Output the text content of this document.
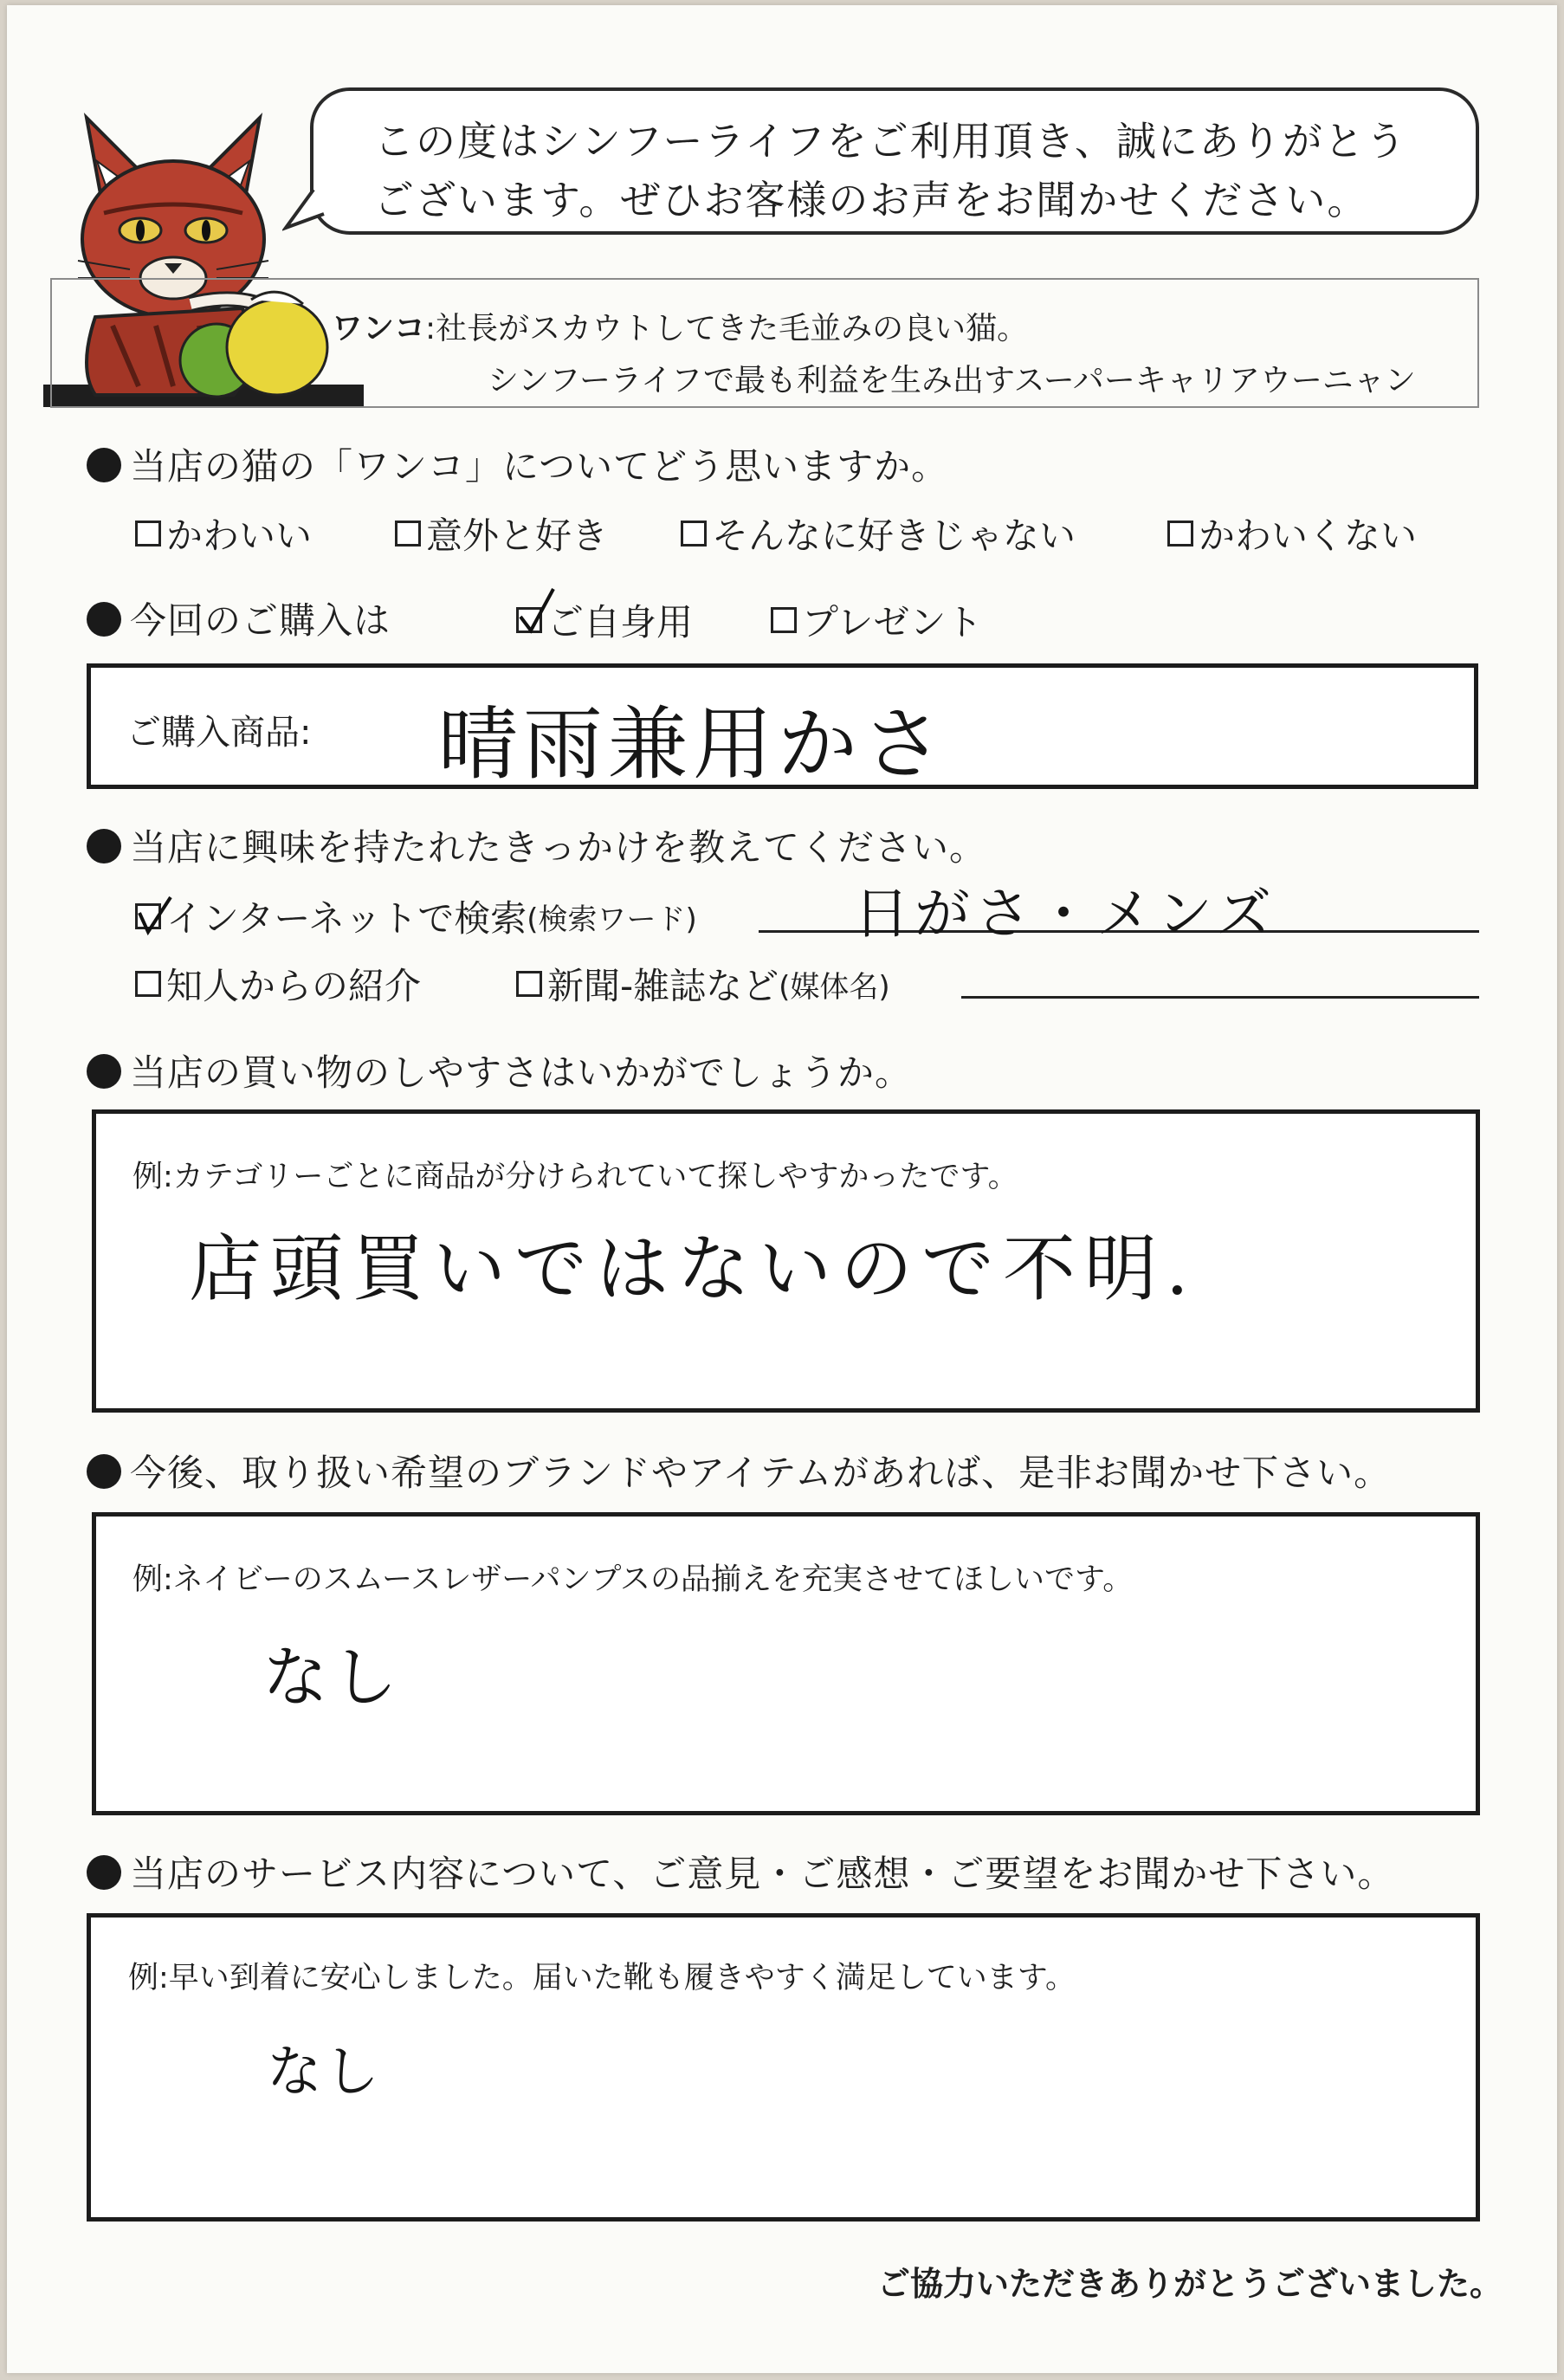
この度はシンフーライフをご利用頂き、誠にありがとう
ございます。ぜひお客様のお声をお聞かせください。
ワンコ:社長がスカウトしてきた毛並みの良い猫。
シンフーライフで最も利益を生み出すスーパーキャリアウーニャン
当店の猫の「ワンコ」についてどう思いますか。
かわいい	意外と好き	そんなに好きじゃない	かわいくない
今回のご購入は	ご自身用	プレゼント
ご購入商品: 晴雨兼用かさ
当店に興味を持たれたきっかけを教えてください。
インターネットで検索 (検索ワード)	日がさ・メンズ
知人からの紹介	新聞-雑誌など (媒体名)
当店の買い物のしやすさはいかがでしょうか。
例:カテゴリーごとに商品が分けられていて探しやすかったです。
店頭買いではないので不明.
今後、取り扱い希望のブランドやアイテムがあれば、是非お聞かせ下さい。
例:ネイビーのスムースレザーパンプスの品揃えを充実させてほしいです。
なし
当店のサービス内容について、ご意見・ご感想・ご要望をお聞かせ下さい。
例:早い到着に安心しました。届いた靴も履きやすく満足しています。
なし
ご協力いただきありがとうございました。
